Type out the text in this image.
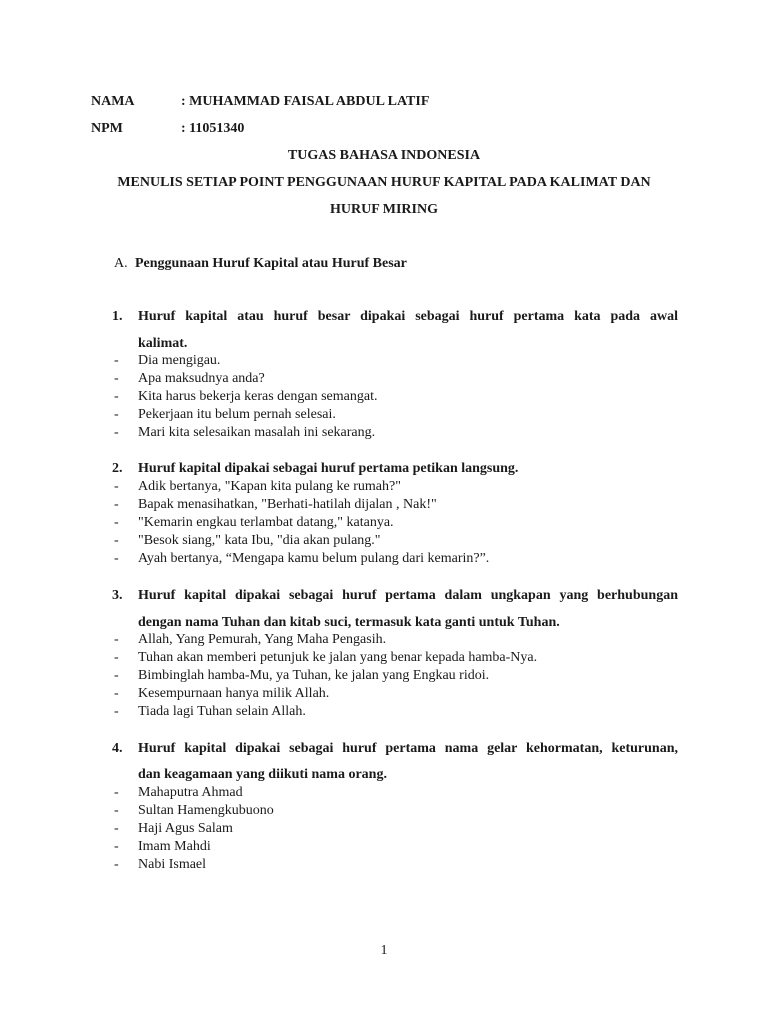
NAMA	: MUHAMMAD FAISAL ABDUL LATIF
NPM	: 11051340
TUGAS BAHASA INDONESIA
MENULIS SETIAP POINT PENGGUNAAN HURUF KAPITAL PADA KALIMAT DAN
HURUF MIRING
A. Penggunaan Huruf Kapital atau Huruf Besar
1. Huruf kapital atau huruf besar dipakai sebagai huruf pertama kata pada awal
kalimat.
- Dia mengigau.
- Apa maksudnya anda?
- Kita harus bekerja keras dengan semangat.
- Pekerjaan itu belum pernah selesai.
- Mari kita selesaikan masalah ini sekarang.
2. Huruf kapital dipakai sebagai huruf pertama petikan langsung.
- Adik bertanya, "Kapan kita pulang ke rumah?"
- Bapak menasihatkan, "Berhati-hatilah dijalan , Nak!"
- "Kemarin engkau terlambat datang," katanya.
- "Besok siang," kata Ibu, "dia akan pulang."
- Ayah bertanya, “Mengapa kamu belum pulang dari kemarin?”.
3. Huruf kapital dipakai sebagai huruf pertama dalam ungkapan yang berhubungan
dengan nama Tuhan dan kitab suci, termasuk kata ganti untuk Tuhan.
- Allah, Yang Pemurah, Yang Maha Pengasih.
- Tuhan akan memberi petunjuk ke jalan yang benar kepada hamba-Nya.
- Bimbinglah hamba-Mu, ya Tuhan, ke jalan yang Engkau ridoi.
- Kesempurnaan hanya milik Allah.
- Tiada lagi Tuhan selain Allah.
4. Huruf kapital dipakai sebagai huruf pertama nama gelar kehormatan, keturunan,
dan keagamaan yang diikuti nama orang.
- Mahaputra Ahmad
- Sultan Hamengkubuono
- Haji Agus Salam
- Imam Mahdi
- Nabi Ismael
1
